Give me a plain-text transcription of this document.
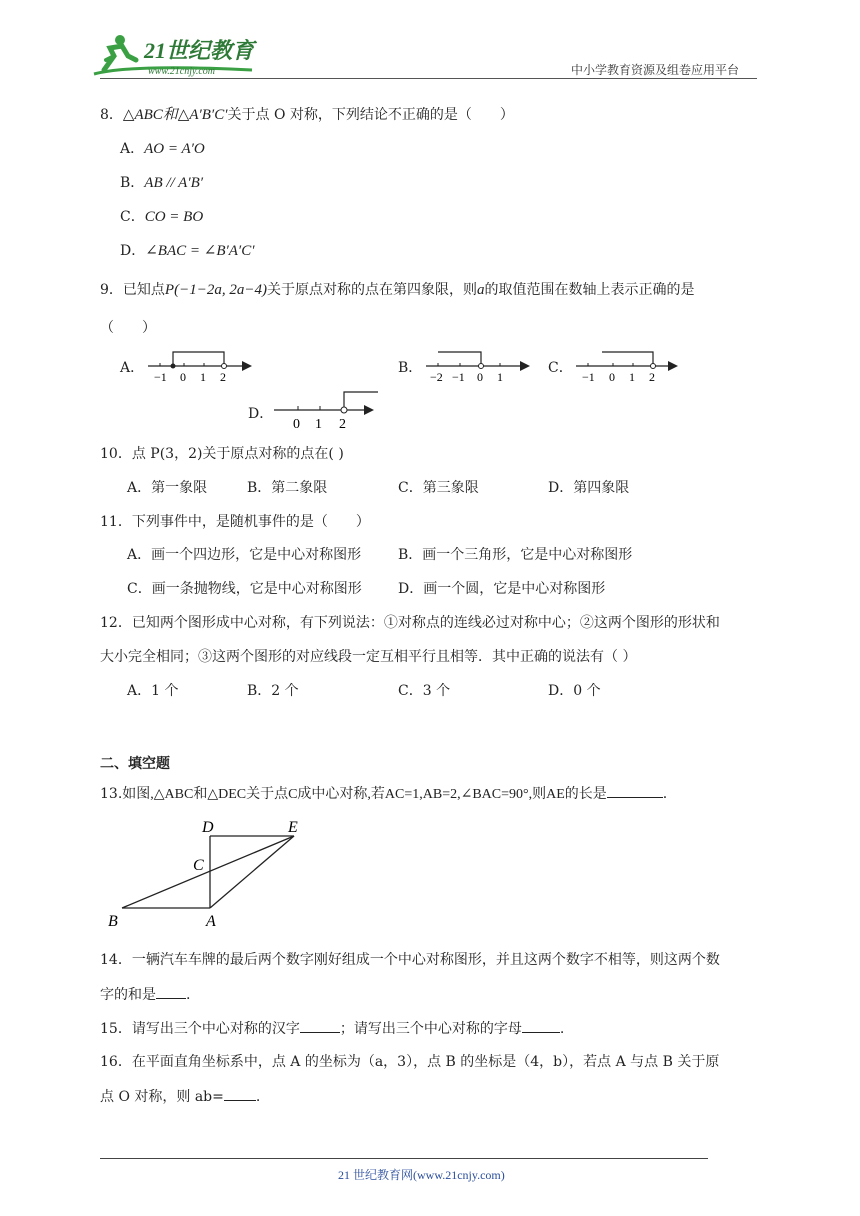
21世纪教育
www.21cnjy.com	中小学教育资源及组卷应用平台
8．△ABC和△A′B′C′关于点 O 对称，下列结论不正确的是（　　）
A．AO = A′O
B．AB // A′B′
C．CO = BO
D．∠BAC = ∠B′A′C′
9．已知点P(−1−2a, 2a−4)关于原点对称的点在第四象限，则a的取值范围在数轴上表示正确的是
（　　）
A．
−1 0 1 2
B．
−2 −1 0 1
C．
−1 0 1 2
D．
0 1 2
10．点 P(3，2)关于原点对称的点在( )
A．第一象限	B．第二象限	C．第三象限	D．第四象限
11．下列事件中，是随机事件的是（　　）
A．画一个四边形，它是中心对称图形	B．画一个三角形，它是中心对称图形
C．画一条抛物线，它是中心对称图形	D．画一个圆，它是中心对称图形
12．已知两个图形成中心对称，有下列说法：①对称点的连线必过对称中心；②这两个图形的形状和
大小完全相同；③这两个图形的对应线段一定互相平行且相等．其中正确的说法有（ ）
A．1 个	B．2 个	C．3 个	D．0 个
二、填空题
13.如图,△ABC和△DEC关于点C成中心对称,若AC=1,AB=2,∠BAC=90°,则AE的长是	.
D	E
C
B	A
14．一辆汽车车牌的最后两个数字刚好组成一个中心对称图形，并且这两个数字不相等，则这两个数
字的和是 .
15．请写出三个中心对称的汉字	；请写出三个中心对称的字母	.
16．在平面直角坐标系中，点 A 的坐标为（a，3），点 B 的坐标是（4，b），若点 A 与点 B 关于原
点 O 对称，则 ab= .
21 世纪教育网(www.21cnjy.com)
